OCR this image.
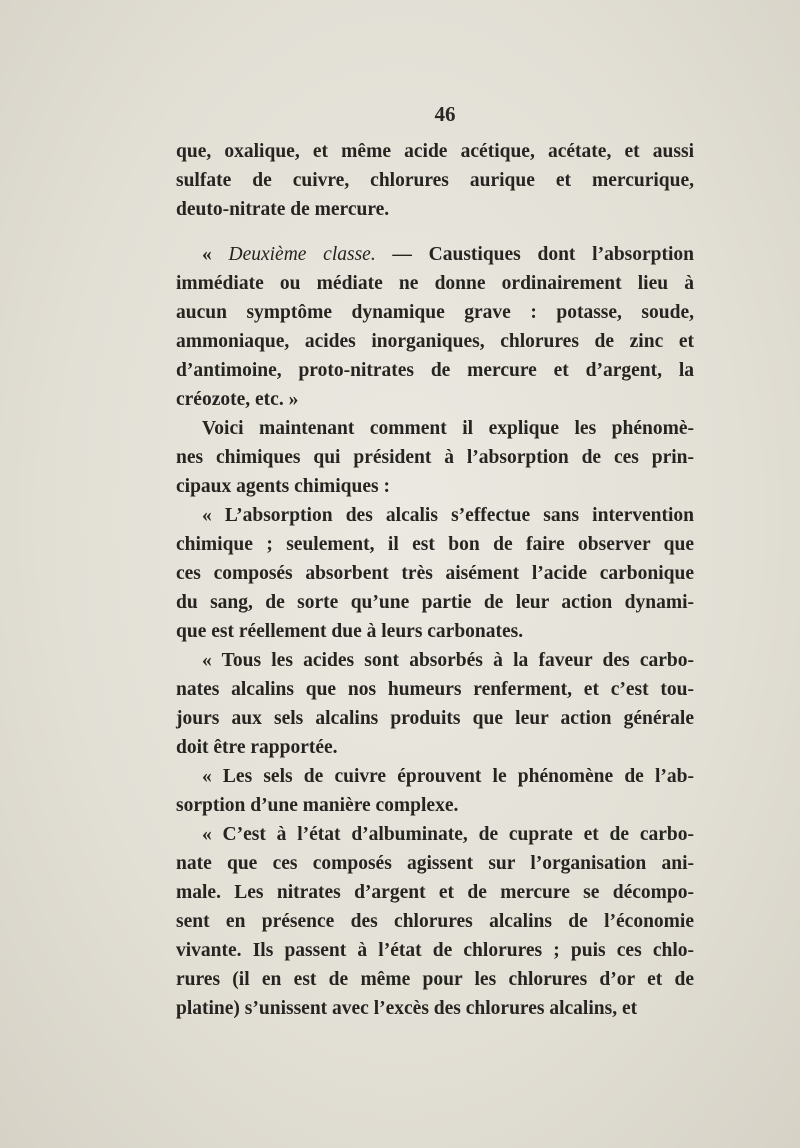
46
que, oxalique, et même acide acétique, acétate, et aussi
sulfate de cuivre, chlorures aurique et mercurique,
deuto-nitrate de mercure.
« Deuxième classe. — Caustiques dont l’absorption
immédiate ou médiate ne donne ordinairement lieu à
aucun symptôme dynamique grave : potasse, soude,
ammoniaque, acides inorganiques, chlorures de zinc et
d’antimoine, proto-nitrates de mercure et d’argent, la
créozote, etc. »
Voici maintenant comment il explique les phénomè-
nes chimiques qui président à l’absorption de ces prin-
cipaux agents chimiques :
« L’absorption des alcalis s’effectue sans intervention
chimique ; seulement, il est bon de faire observer que
ces composés absorbent très aisément l’acide carbonique
du sang, de sorte qu’une partie de leur action dynami-
que est réellement due à leurs carbonates.
« Tous les acides sont absorbés à la faveur des carbo-
nates alcalins que nos humeurs renferment, et c’est tou-
jours aux sels alcalins produits que leur action générale
doit être rapportée.
« Les sels de cuivre éprouvent le phénomène de l’ab-
sorption d’une manière complexe.
« C’est à l’état d’albuminate, de cuprate et de carbo-
nate que ces composés agissent sur l’organisation ani-
male. Les nitrates d’argent et de mercure se décompo-
sent en présence des chlorures alcalins de l’économie
vivante. Ils passent à l’état de chlorures ; puis ces chlo-
rures (il en est de même pour les chlorures d’or et de
platine) s’unissent avec l’excès des chlorures alcalins, et
